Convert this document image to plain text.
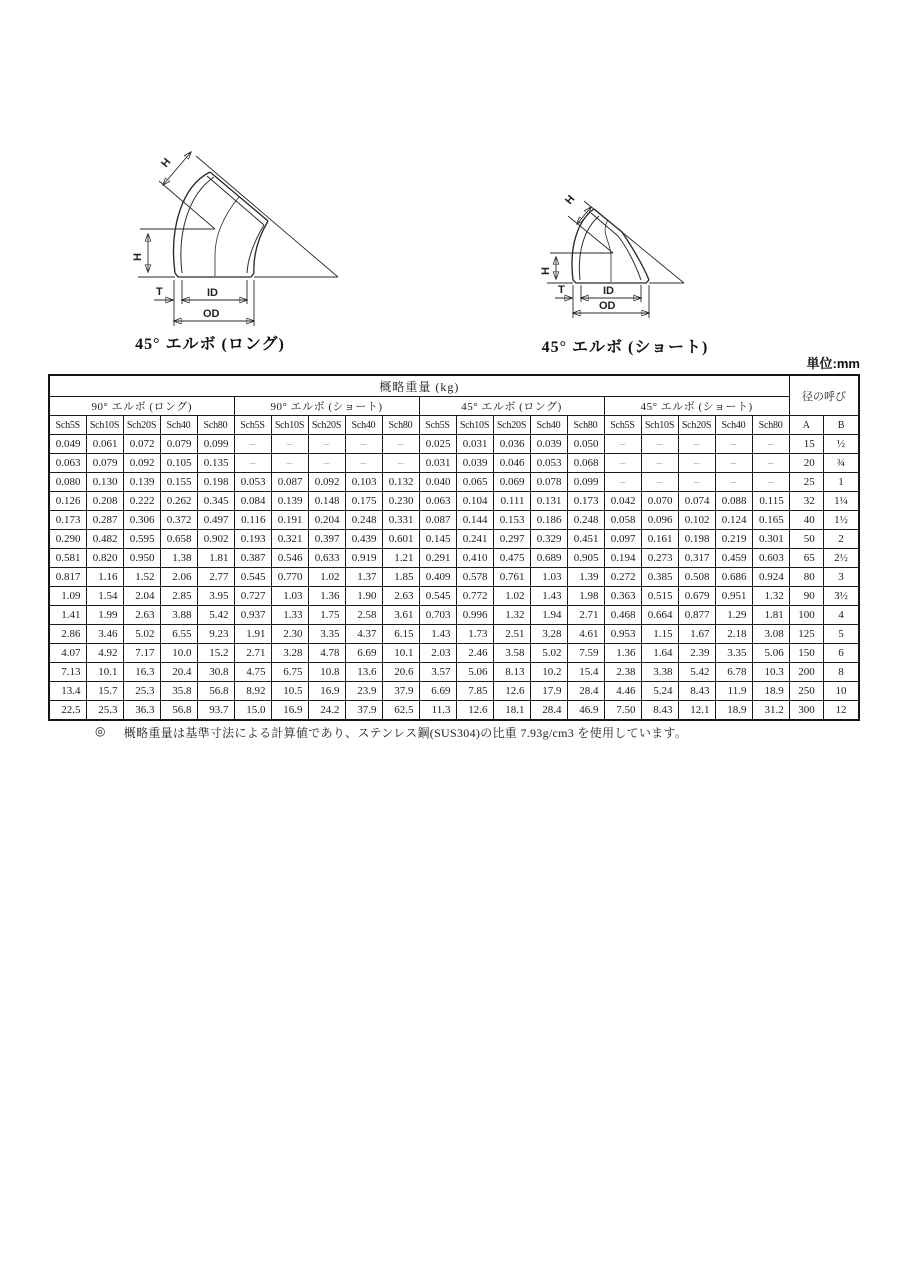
H
H
T	ID
OD
45° エルボ (ロング)
H
H
T	ID
OD
45° エルボ (ショート)
単位:mm
概略重量 (kg)																				径の呼び	
90° エルボ (ロング)					90° エルボ (ショート)					45° エルボ (ロング)					45° エルボ (ショート)						
Sch5S	Sch10S	Sch20S	Sch40	Sch80	Sch5S	Sch10S	Sch20S	Sch40	Sch80	Sch5S	Sch10S	Sch20S	Sch40	Sch80	Sch5S	Sch10S	Sch20S	Sch40	Sch80	A	B
0.049	0.061	0.072	0.079	0.099	–	–	–	–	–	0.025	0.031	0.036	0.039	0.050	–	–	–	–	–	15	½
0.063	0.079	0.092	0.105	0.135	–	–	–	–	–	0.031	0.039	0.046	0.053	0.068	–	–	–	–	–	20	¾
0.080	0.130	0.139	0.155	0.198	0.053	0.087	0.092	0.103	0.132	0.040	0.065	0.069	0.078	0.099	–	–	–	–	–	25	1
0.126	0.208	0.222	0.262	0.345	0.084	0.139	0.148	0.175	0.230	0.063	0.104	0.111	0.131	0.173	0.042	0.070	0.074	0.088	0.115	32	1¼
0.173	0.287	0.306	0.372	0.497	0.116	0.191	0.204	0.248	0.331	0.087	0.144	0.153	0.186	0.248	0.058	0.096	0.102	0.124	0.165	40	1½
0.290	0.482	0.595	0.658	0.902	0.193	0.321	0.397	0.439	0.601	0.145	0.241	0.297	0.329	0.451	0.097	0.161	0.198	0.219	0.301	50	2
0.581	0.820	0.950	1.38	1.81	0.387	0.546	0.633	0.919	1.21	0.291	0.410	0.475	0.689	0.905	0.194	0.273	0.317	0.459	0.603	65	2½
0.817	1.16	1.52	2.06	2.77	0.545	0.770	1.02	1.37	1.85	0.409	0.578	0.761	1.03	1.39	0.272	0.385	0.508	0.686	0.924	80	3
1.09	1.54	2.04	2.85	3.95	0.727	1.03	1.36	1.90	2.63	0.545	0.772	1.02	1.43	1.98	0.363	0.515	0.679	0.951	1.32	90	3½
1.41	1.99	2.63	3.88	5.42	0.937	1.33	1.75	2.58	3.61	0.703	0.996	1.32	1.94	2.71	0.468	0.664	0.877	1.29	1.81	100	4
2.86	3.46	5.02	6.55	9.23	1.91	2.30	3.35	4.37	6.15	1.43	1.73	2.51	3.28	4.61	0.953	1.15	1.67	2.18	3.08	125	5
4.07	4.92	7.17	10.0	15.2	2.71	3.28	4.78	6.69	10.1	2.03	2.46	3.58	5.02	7.59	1.36	1.64	2.39	3.35	5.06	150	6
7.13	10.1	16.3	20.4	30.8	4.75	6.75	10.8	13.6	20.6	3.57	5.06	8.13	10.2	15.4	2.38	3.38	5.42	6.78	10.3	200	8
13.4	15.7	25.3	35.8	56.8	8.92	10.5	16.9	23.9	37.9	6.69	7.85	12.6	17.9	28.4	4.46	5.24	8.43	11.9	18.9	250	10
22.5	25.3	36.3	56.8	93.7	15.0	16.9	24.2	37.9	62.5	11.3	12.6	18.1	28.4	46.9	7.50	8.43	12.1	18.9	31.2	300	12
◎ 概略重量は基準寸法による計算値であり、ステンレス鋼(SUS304)の比重 7.93g/cm3 を使用しています。
